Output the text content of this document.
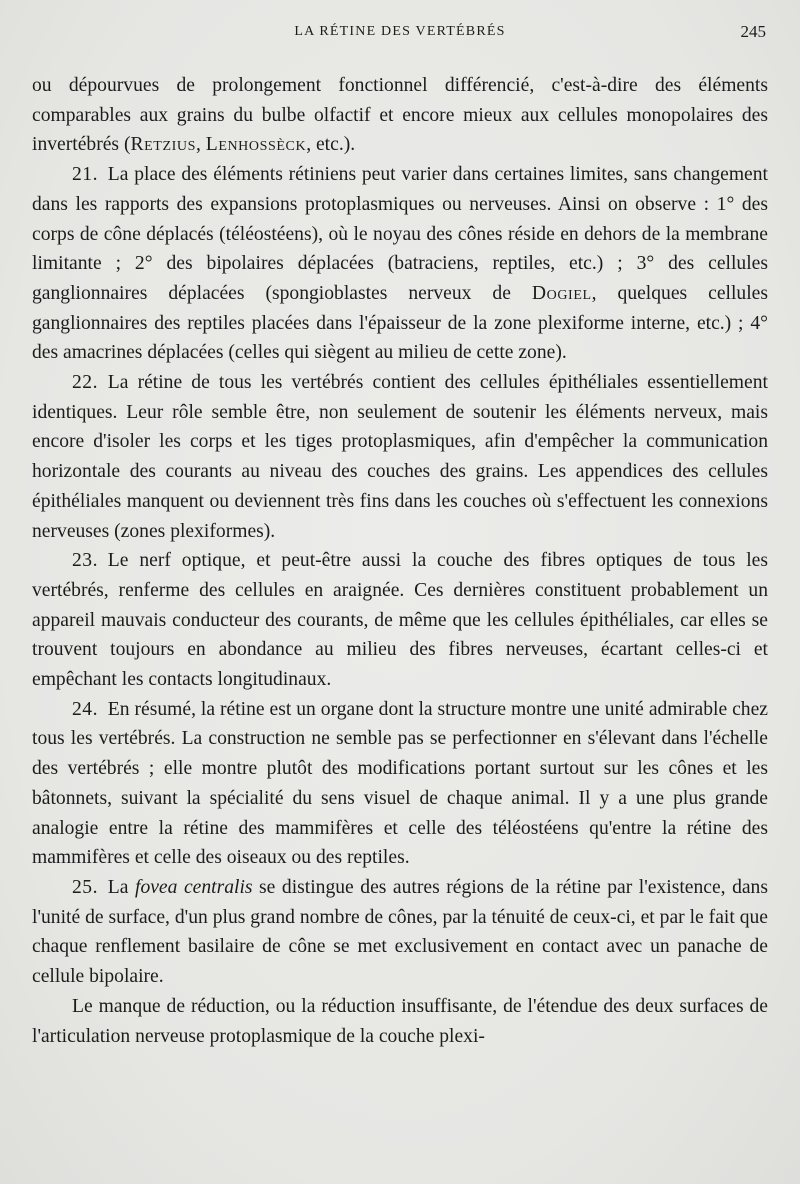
LA RÉTINE DES VERTÉBRÉS	245

ou dépourvues de prolongement fonctionnel différencié, c'est-à-dire des éléments comparables aux grains du bulbe olfactif et encore mieux aux cellules monopolaires des invertébrés (Retzius, Lenhossèck, etc.).

21.  La place des éléments rétiniens peut varier dans certaines limites, sans changement dans les rapports des expansions protoplasmiques ou nerveuses. Ainsi on observe : 1° des corps de cône déplacés (téléostéens), où le noyau des cônes réside en dehors de la membrane limitante ; 2° des bipolaires déplacées (batraciens, reptiles, etc.) ; 3° des cellules ganglionnaires déplacées (spongioblastes nerveux de Dogiel, quelques cellules ganglionnaires des reptiles placées dans l'épaisseur de la zone plexiforme interne, etc.) ; 4° des amacrines déplacées (celles qui siègent au milieu de cette zone).

22.  La rétine de tous les vertébrés contient des cellules épithéliales essentiellement identiques. Leur rôle semble être, non seulement de soutenir les éléments nerveux, mais encore d'isoler les corps et les tiges protoplasmiques, afin d'empêcher la communication horizontale des courants au niveau des couches des grains. Les appendices des cellules épithéliales manquent ou deviennent très fins dans les couches où s'effectuent les connexions nerveuses (zones plexiformes).

23.  Le nerf optique, et peut-être aussi la couche des fibres optiques de tous les vertébrés, renferme des cellules en araignée. Ces dernières constituent probablement un appareil mauvais conducteur des courants, de même que les cellules épithéliales, car elles se trouvent toujours en abondance au milieu des fibres nerveuses, écartant celles-ci et empêchant les contacts longitudinaux.

24.  En résumé, la rétine est un organe dont la structure montre une unité admirable chez tous les vertébrés. La construction ne semble pas se perfectionner en s'élevant dans l'échelle des vertébrés ; elle montre plutôt des modifications portant surtout sur les cônes et les bâtonnets, suivant la spécialité du sens visuel de chaque animal. Il y a une plus grande analogie entre la rétine des mammifères et celle des téléostéens qu'entre la rétine des mammifères et celle des oiseaux ou des reptiles.

25.  La fovea centralis se distingue des autres régions de la rétine par l'existence, dans l'unité de surface, d'un plus grand nombre de cônes, par la ténuité de ceux-ci, et par le fait que chaque renflement basilaire de cône se met exclusivement en contact avec un panache de cellule bipolaire.

Le manque de réduction, ou la réduction insuffisante, de l'étendue des deux surfaces de l'articulation nerveuse protoplasmique de la couche plexi-
